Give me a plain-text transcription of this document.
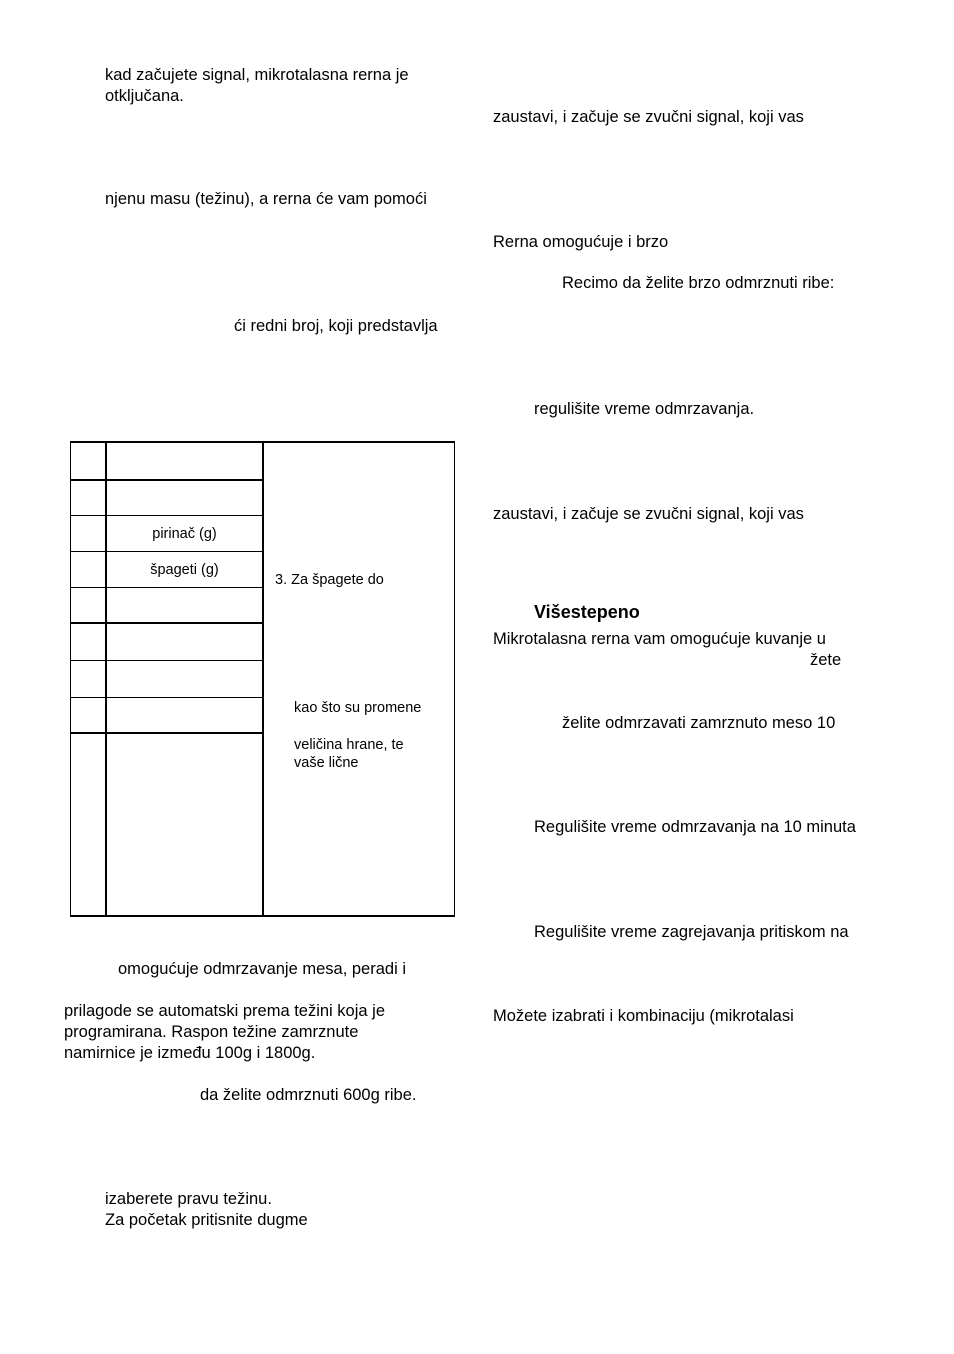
kad začujete signal, mikrotalasna rerna je
otključana.
njenu masu (težinu), a rerna će vam pomoći
ći redni broj, koji predstavlja
pirinač (g)
špageti (g)
3. Za špagete do
kao što su promene
veličina hrane, te
vaše lične
omogućuje odmrzavanje mesa, peradi i
prilagode se automatski prema težini koja je
programirana. Raspon težine zamrznute
namirnice je između 100g i 1800g.
da želite odmrznuti 600g ribe.
izaberete pravu težinu.
Za početak pritisnite dugme
zaustavi, i začuje se zvučni signal, koji vas
Rerna omogućuje i brzo
Recimo da želite brzo odmrznuti ribe:
regulišite vreme odmrzavanja.
zaustavi, i začuje se zvučni signal, koji vas
Višestepeno
Mikrotalasna rerna vam omogućuje kuvanje u
žete
želite odmrzavati zamrznuto meso 10
Regulišite vreme odmrzavanja na 10 minuta
Regulišite vreme zagrejavanja pritiskom na
Možete izabrati i kombinaciju (mikrotalasi
